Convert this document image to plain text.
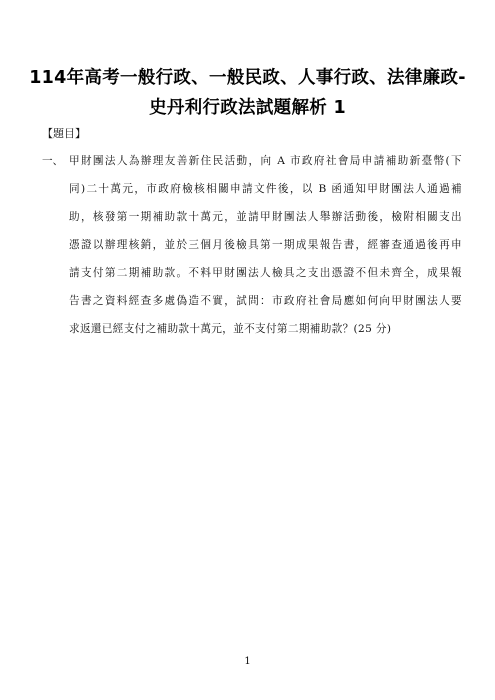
114年高考一般行政、一般民政、人事行政、法律廉政-
史丹利行政法試題解析 1
【題目】
一、 甲財團法人為辦理友善新住民活動，向 A 市政府社會局申請補助新臺幣(下
同)二十萬元，市政府檢核相關申請文件後，以 B 函通知甲財團法人通過補
助，核發第一期補助款十萬元，並請甲財團法人舉辦活動後，檢附相關支出
憑證以辦理核銷，並於三個月後檢具第一期成果報告書，經審查通過後再申
請支付第二期補助款。不料甲財團法人檢具之支出憑證不但未齊全，成果報
告書之資料經查多處偽造不實，試問：市政府社會局應如何向甲財團法人要
求返還已經支付之補助款十萬元，並不支付第二期補助款？(25 分)
1
